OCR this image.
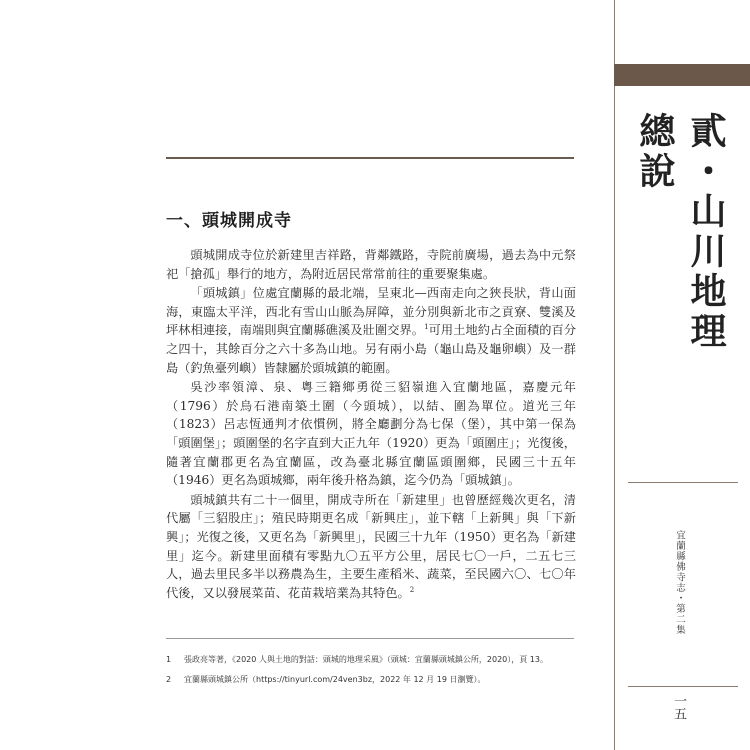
一、頭城開成寺

頭城開成寺位於新建里吉祥路，背鄰鐵路，寺院前廣場，過去為中元祭祀「搶孤」舉行的地方，為附近居民常常前往的重要聚集處。

「頭城鎮」位處宜蘭縣的最北端，呈東北—西南走向之狹長狀，背山面海，東臨太平洋，西北有雪山山脈為屏障，並分別與新北市之貢寮、雙溪及坪林相連接，南端則與宜蘭縣礁溪及壯圍交界。$^1$可用土地約占全面積的百分之四十，其餘百分之六十多為山地。另有兩小島（龜山島及龜卵嶼）及一群島（釣魚臺列嶼）皆隸屬於頭城鎮的範圍。

吳沙率領漳、泉、粵三籍鄉勇從三貂嶺進入宜蘭地區，嘉慶元年（1796）於烏石港南築土圍（今頭城），以結、圍為單位。道光三年（1823）呂志恆通判才依慣例，將全廳劃分為七保（堡），其中第一保為「頭圍堡」；頭圍堡的名字直到大正九年（1920）更為「頭圍庄」；光復後，隨著宜蘭郡更名為宜蘭區，改為臺北縣宜蘭區頭圍鄉，民國三十五年（1946）更名為頭城鄉，兩年後升格為鎮，迄今仍為「頭城鎮」。

頭城鎮共有二十一個里，開成寺所在「新建里」也曾歷經幾次更名，清代屬「三貂股庄」；殖民時期更名成「新興庄」，並下轄「上新興」與「下新興」；光復之後，又更名為「新興里」，民國三十九年（1950）更名為「新建里」迄今。新建里面積有零點九〇五平方公里，居民七〇一戶，二五七三人，過去里民多半以務農為生，主要生產稻米、蔬菜，至民國六〇、七〇年代後，又以發展菜苗、花苗栽培業為其特色。$^2$

1	張政亮等著，《2020 人與土地的對話：頭城的地理采風》（頭城：宜蘭縣頭城鎮公所，2020），頁 13。
2	宜蘭縣頭城鎮公所（https://tinyurl.com/24ven3bz，2022 年 12 月 19 日瀏覽）。
貳・山川地理總說
宜蘭縣佛寺志・第二集
一五
